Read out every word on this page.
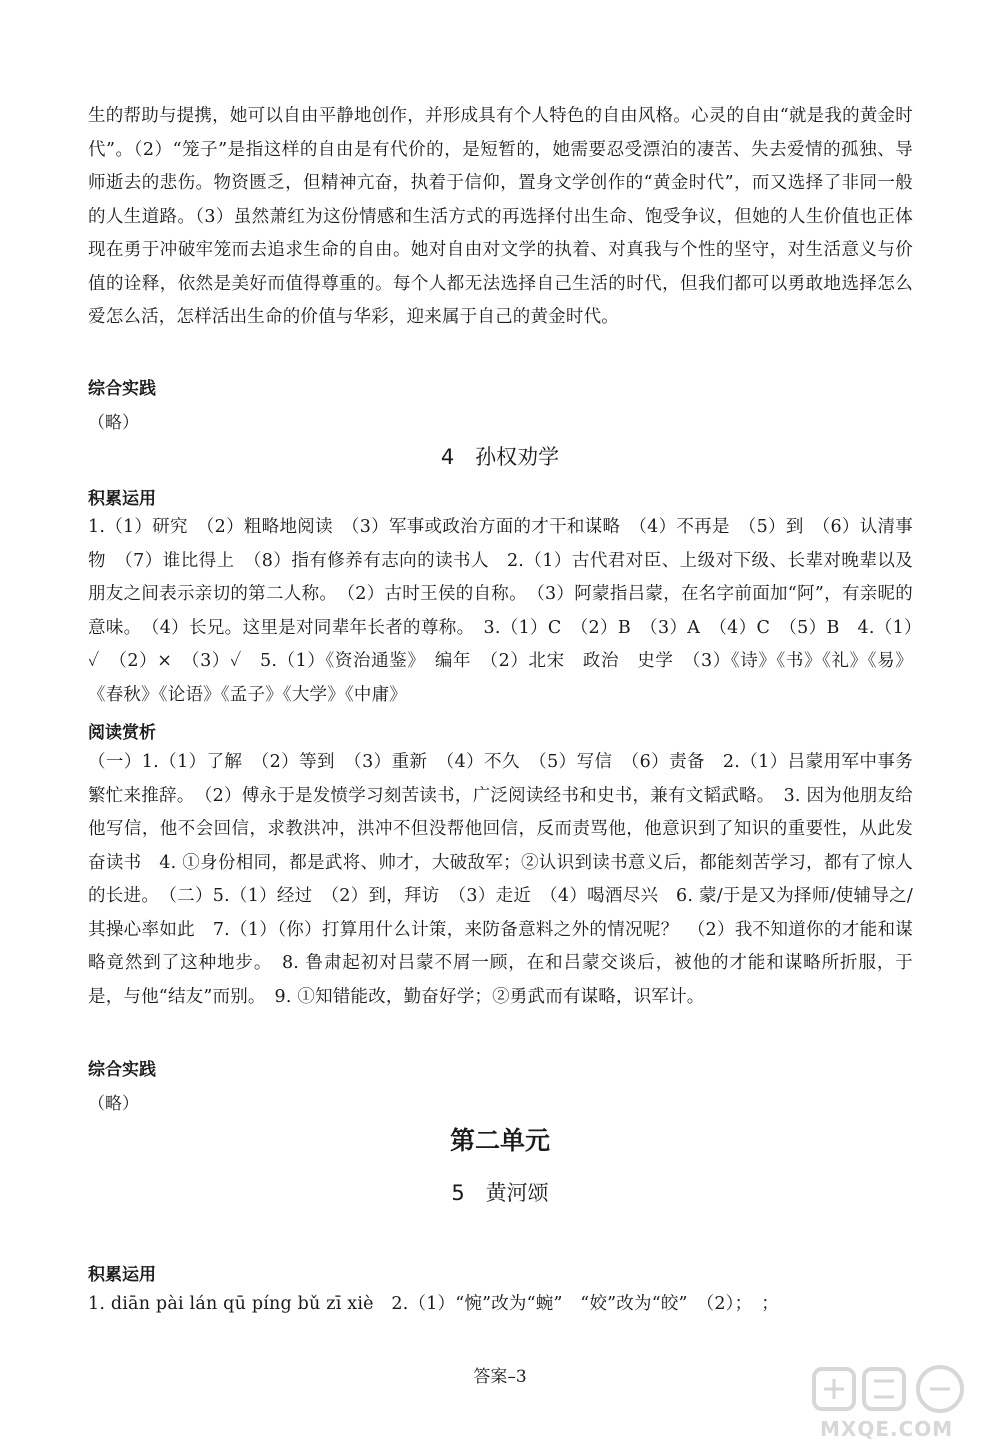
生的帮助与提携，她可以自由平静地创作，并形成具有个人特色的自由风格。心灵的自由“就是我的黄金时代”。（2）“笼子”是指这样的自由是有代价的，是短暂的，她需要忍受漂泊的凄苦、失去爱情的孤独、导师逝去的悲伤。物资匮乏，但精神亢奋，执着于信仰，置身文学创作的“黄金时代”，而又选择了非同一般的人生道路。（3）虽然萧红为这份情感和生活方式的再选择付出生命、饱受争议，但她的人生价值也正体现在勇于冲破牢笼而去追求生命的自由。她对自由对文学的执着、对真我与个性的坚守，对生活意义与价值的诠释，依然是美好而值得尊重的。每个人都无法选择自己生活的时代，但我们都可以勇敢地选择怎么爱怎么活，怎样活出生命的价值与华彩，迎来属于自己的黄金时代。

综合实践

（略）

4　孙权劝学

积累运用

1.（1）研究　（2）粗略地阅读　（3）军事或政治方面的才干和谋略　（4）不再是　（5）到　（6）认清事物　（7）谁比得上　（8）指有修养有志向的读书人　2.（1）古代君对臣、上级对下级、长辈对晚辈以及朋友之间表示亲切的第二人称。　（2）古时王侯的自称。　（3）阿蒙指吕蒙，在名字前面加“阿”，有亲昵的意味。　（4）长兄。这里是对同辈年长者的尊称。　3.（1）C　（2）B　（3）A　（4）C　（5）B　4.（1）✓　（2）×　（3）✓　5.（1）《资治通鉴》　编年　（2）北宋　政治　史学　（3）《诗》《书》《礼》《易》《春秋》《论语》《孟子》《大学》《中庸》

阅读赏析

（一）1.（1）了解　（2）等到　（3）重新　（4）不久　（5）写信　（6）责备　2.（1）吕蒙用军中事务繁忙来推辞。　（2）傅永于是发愤学习刻苦读书，广泛阅读经书和史书，兼有文韬武略。　3. 因为他朋友给他写信，他不会回信，求教洪冲，洪冲不但没帮他回信，反而责骂他，他意识到了知识的重要性，从此发奋读书　4. ①身份相同，都是武将、帅才，大破敌军；②认识到读书意义后，都能刻苦学习，都有了惊人的长进。　（二）5.（1）经过　（2）到，拜访　（3）走近　（4）喝酒尽兴　6. 蒙/于是又为择师/使辅导之/其操心率如此　7.（1）（你）打算用什么计策，来防备意料之外的情况呢？　（2）我不知道你的才能和谋略竟然到了这种地步。　8. 鲁肃起初对吕蒙不屑一顾，在和吕蒙交谈后，被他的才能和谋略所折服，于是，与他“结友”而别。　9. ①知错能改，勤奋好学；②勇武而有谋略，识军计。

综合实践

（略）

第二单元

5　黄河颂

积累运用

1. diān pài lán qū píng bǔ zī xiè　2.（1）“惋”改为“蜿”　“姣”改为“皎”　（2）；　；

答案–3

MXQE.COM
